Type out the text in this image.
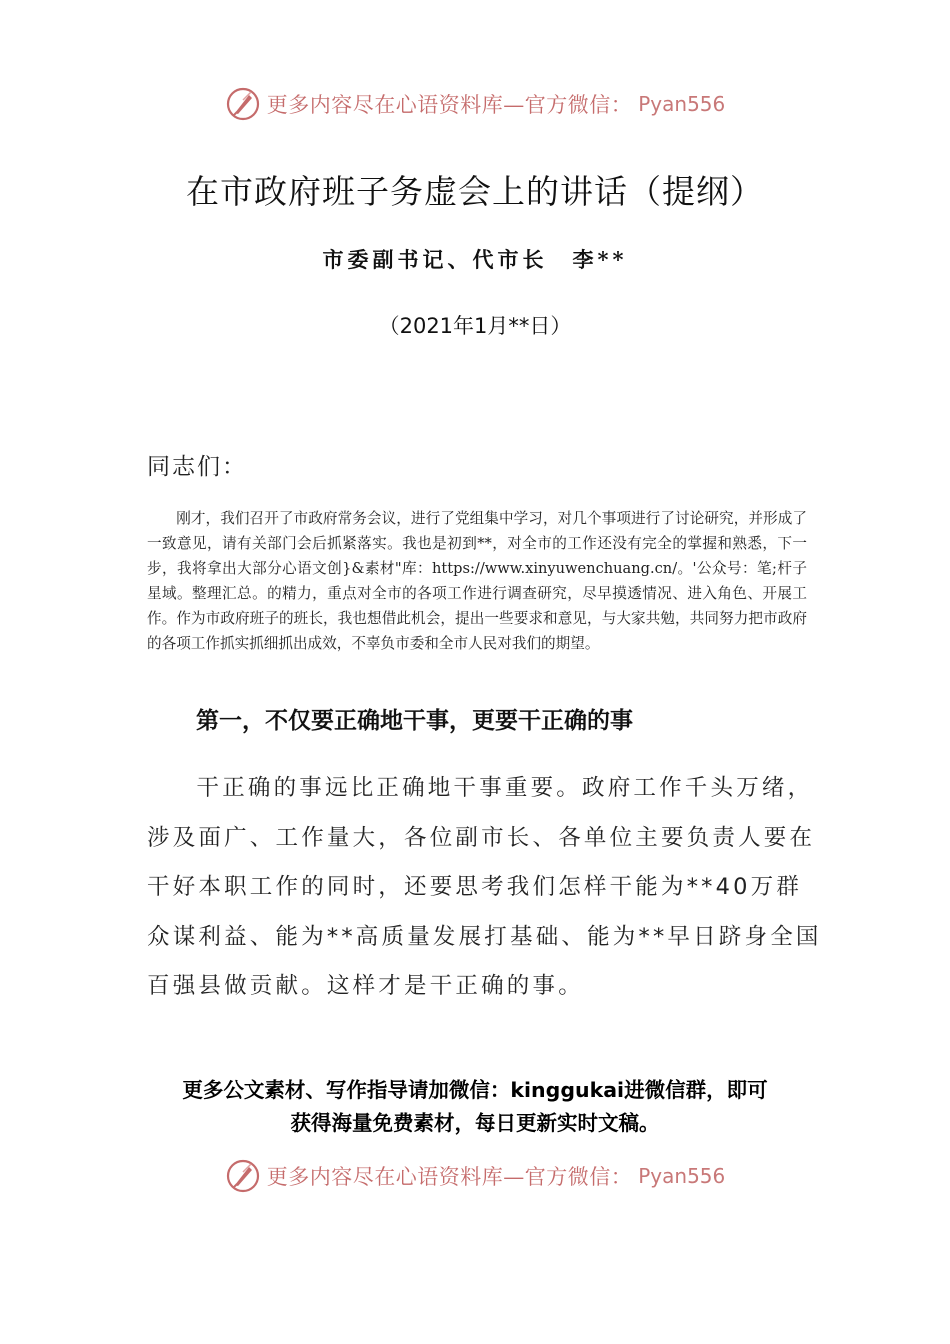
更多内容尽在心语资料库—官方微信： Pyan556
在市政府班子务虚会上的讲话（提纲）
市委副书记、代市长　李**
（2021年1月**日）
同志们：
刚才，我们召开了市政府常务会议，进行了党组集中学习，对几个事项进行了讨论研究，并形成了一致意见，请有关部门会后抓紧落实。我也是初到**，对全市的工作还没有完全的掌握和熟悉，下一步，我将拿出大部分心语文创}&素材"库：https://www.xinyuwenchuang.cn/。'公众号：笔;杆子星域。整理汇总。的精力，重点对全市的各项工作进行调查研究，尽早摸透情况、进入角色、开展工作。作为市政府班子的班长，我也想借此机会，提出一些要求和意见，与大家共勉，共同努力把市政府的各项工作抓实抓细抓出成效，不辜负市委和全市人民对我们的期望。
第一，不仅要正确地干事，更要干正确的事
干正确的事远比正确地干事重要。政府工作千头万绪，涉及面广、工作量大，各位副市长、各单位主要负责人要在干好本职工作的同时，还要思考我们怎样干能为**40万群众谋利益、能为**高质量发展打基础、能为**早日跻身全国百强县做贡献。这样才是干正确的事。
更多公文素材、写作指导请加微信：kinggukai进微信群，即可
获得海量免费素材，每日更新实时文稿。
更多内容尽在心语资料库—官方微信： Pyan556
